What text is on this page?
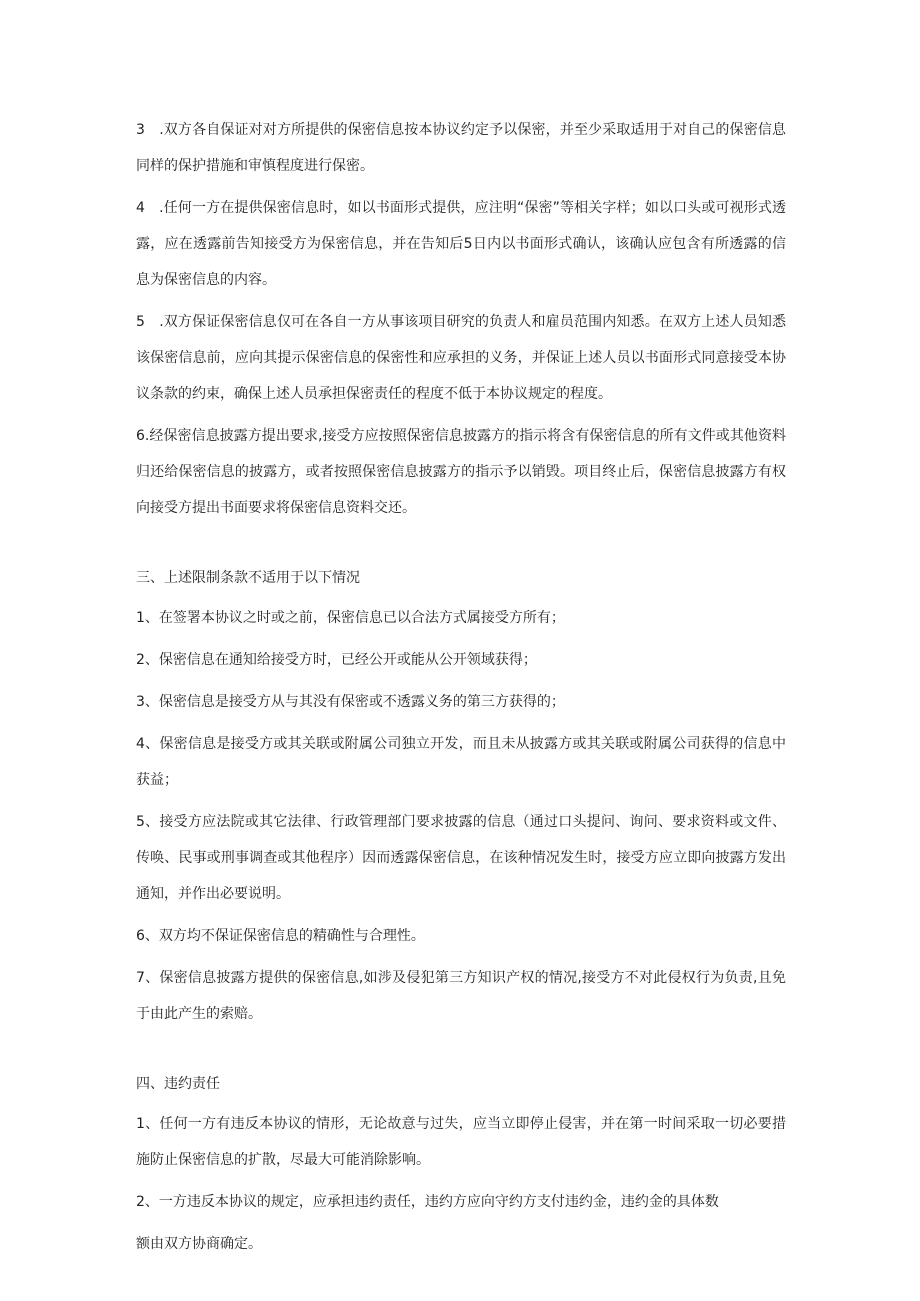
3　.双方各自保证对对方所提供的保密信息按本协议约定予以保密，并至少采取适用于对自己的保密信息同样的保护措施和审慎程度进行保密。

4　.任何一方在提供保密信息时，如以书面形式提供，应注明“保密”等相关字样；如以口头或可视形式透露，应在透露前告知接受方为保密信息，并在告知后5日内以书面形式确认，该确认应包含有所透露的信息为保密信息的内容。

5　.双方保证保密信息仅可在各自一方从事该项目研究的负责人和雇员范围内知悉。在双方上述人员知悉该保密信息前，应向其提示保密信息的保密性和应承担的义务，并保证上述人员以书面形式同意接受本协议条款的约束，确保上述人员承担保密责任的程度不低于本协议规定的程度。

6.经保密信息披露方提出要求,接受方应按照保密信息披露方的指示将含有保密信息的所有文件或其他资料归还给保密信息的披露方，或者按照保密信息披露方的指示予以销毁。项目终止后，保密信息披露方有权向接受方提出书面要求将保密信息资料交还。

三、上述限制条款不适用于以下情况

1、在签署本协议之时或之前，保密信息已以合法方式属接受方所有；

2、保密信息在通知给接受方时，已经公开或能从公开领域获得；

3、保密信息是接受方从与其没有保密或不透露义务的第三方获得的；

4、保密信息是接受方或其关联或附属公司独立开发，而且未从披露方或其关联或附属公司获得的信息中获益；

5、接受方应法院或其它法律、行政管理部门要求披露的信息（通过口头提问、询问、要求资料或文件、传唤、民事或刑事调查或其他程序）因而透露保密信息，在该种情况发生时，接受方应立即向披露方发出通知，并作出必要说明。

6、双方均不保证保密信息的精确性与合理性。

7、保密信息披露方提供的保密信息,如涉及侵犯第三方知识产权的情况,接受方不对此侵权行为负责,且免于由此产生的索赔。

四、违约责任

1、任何一方有违反本协议的情形，无论故意与过失，应当立即停止侵害，并在第一时间采取一切必要措施防止保密信息的扩散，尽最大可能消除影响。

2、一方违反本协议的规定，应承担违约责任，违约方应向守约方支付违约金，违约金的具体数

额由双方协商确定。
